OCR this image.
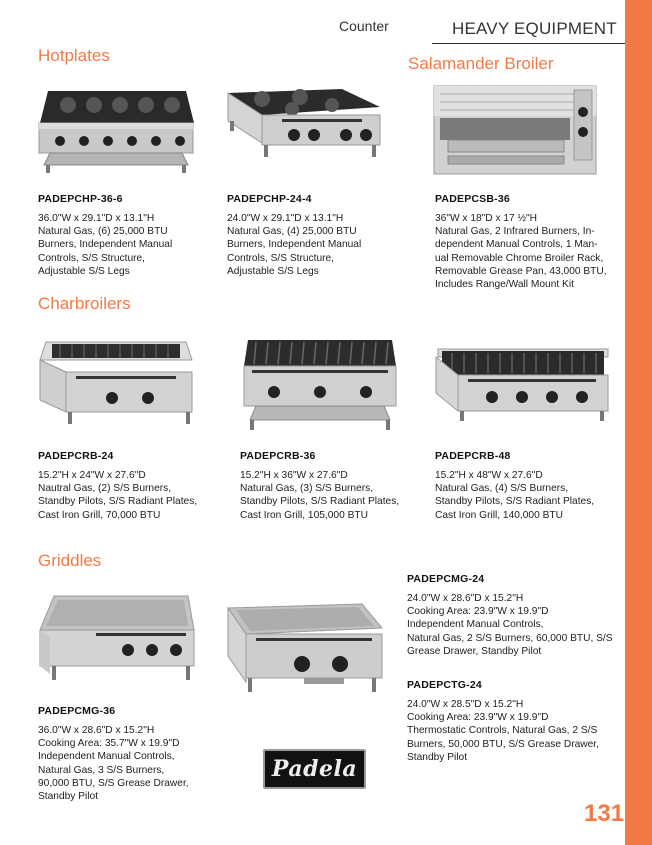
131
Counter	HEAVY EQUIPMENT
Hotplates	Salamander Broiler
Charbroilers
Griddles
Padela
PADEPCHP-36-6
36.0"W x 29.1"D x 13.1"H
Natural Gas, (6) 25,000 BTU
Burners, Independent Manual
Controls, S/S Structure,
Adjustable S/S Legs
PADEPCHP-24-4
24.0"W x 29.1"D x 13.1"H
Natural Gas, (4) 25,000 BTU
Burners, Independent Manual
Controls, S/S Structure,
Adjustable S/S Legs
PADEPCSB-36
36"W x 18"D x 17 ½"H
Natural Gas, 2 Infrared Burners, In-
dependent Manual Controls, 1 Man-
ual Removable Chrome Broiler Rack,
Removable Grease Pan, 43,000 BTU,
Includes Range/Wall Mount Kit
PADEPCRB-24
15.2"H x 24"W x 27.6"D
Nautral Gas, (2) S/S Burners,
Standby Pilots, S/S Radiant Plates,
Cast Iron Grill, 70,000 BTU
PADEPCRB-36
15.2"H x 36"W x 27.6"D
Natural Gas, (3) S/S Burners,
Standby Pilots, S/S Radiant Plates,
Cast Iron Grill, 105,000 BTU
PADEPCRB-48
15.2"H x 48"W x 27.6"D
Natural Gas, (4) S/S Burners,
Standby Pilots, S/S Radiant Plates,
Cast Iron Grill, 140,000 BTU
PADEPCMG-24
24.0"W x 28.6"D x 15.2"H
Cooking Area: 23.9"W x 19.9"D
Independent Manual Controls,
Natural Gas, 2 S/S Burners, 60,000 BTU, S/S
Grease Drawer, Standby Pilot
PADEPCTG-24
24.0"W x 28.5"D x 15.2"H
Cooking Area: 23.9"W x 19.9"D
Thermostatic Controls, Natural Gas, 2 S/S
Burners, 50,000 BTU, S/S Grease Drawer,
Standby Pilot
PADEPCMG-36
36.0"W x 28.6"D x 15.2"H
Cooking Area: 35.7"W x 19.9"D
Independent Manual Controls,
Natural Gas, 3 S/S Burners,
90,000 BTU, S/S Grease Drawer,
Standby Pilot
